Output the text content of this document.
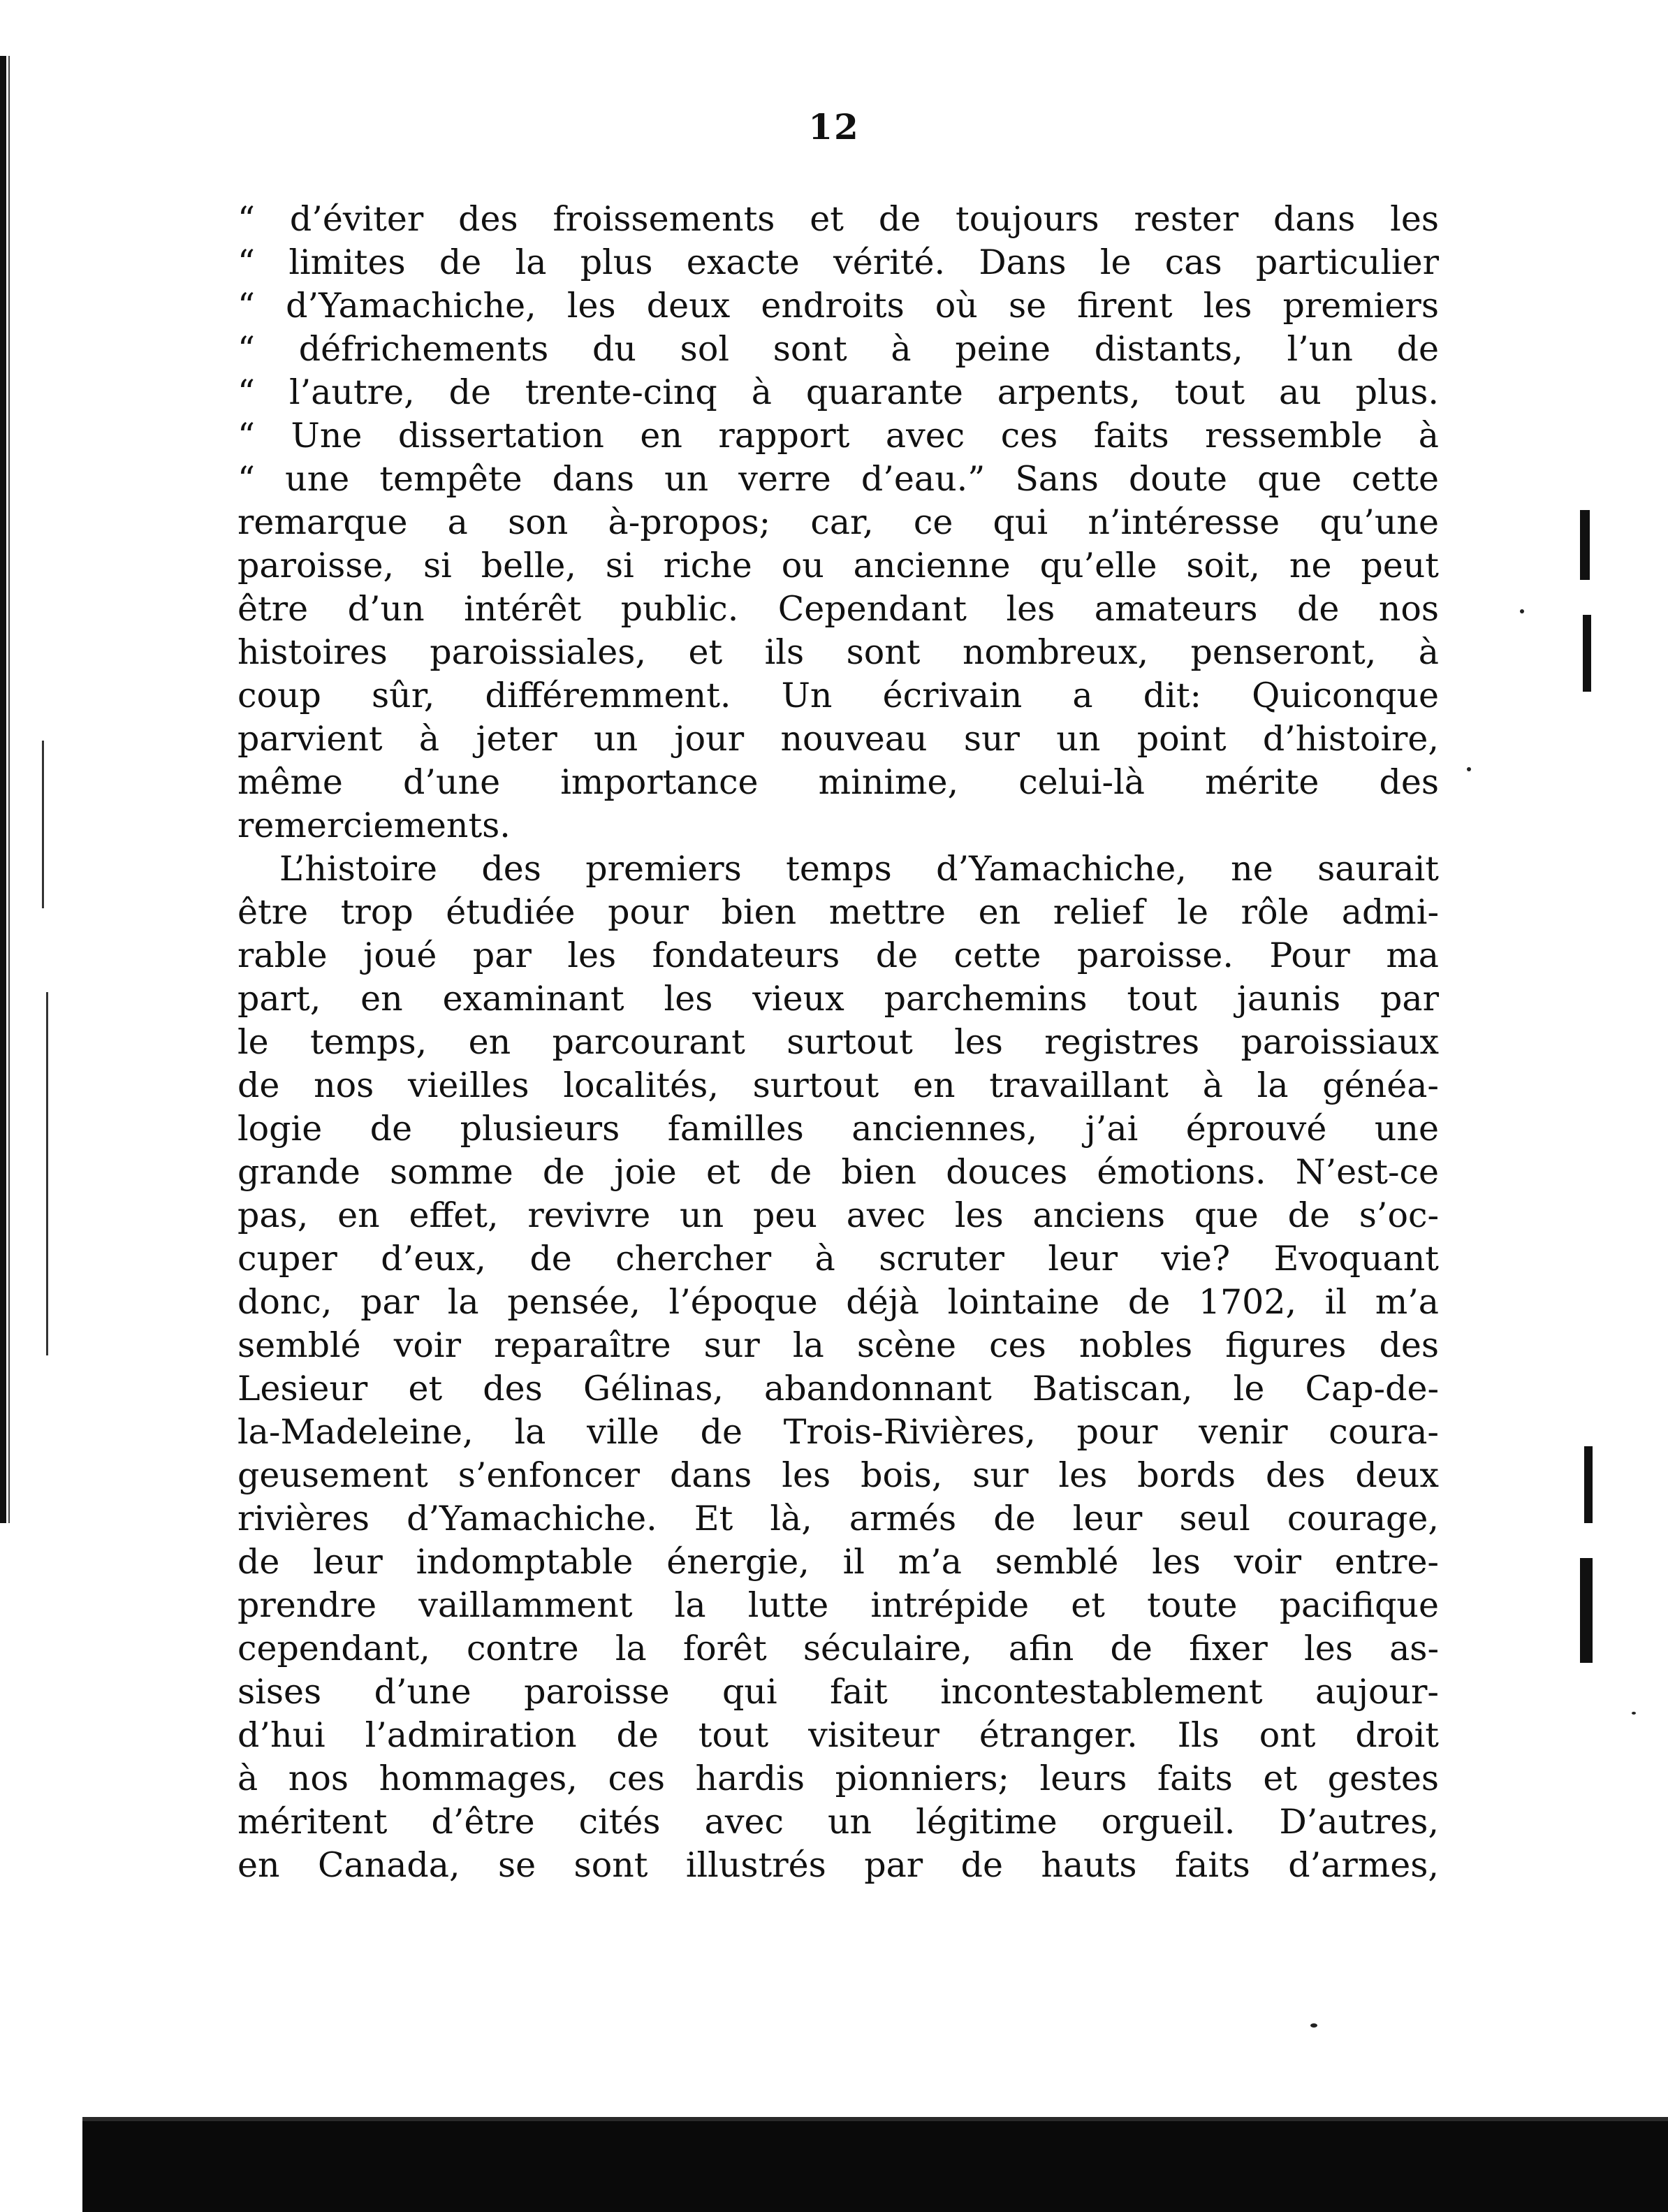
12
“ d’éviter des froissements et de toujours rester dans les
“ limites de la plus exacte vérité. Dans le cas particulier
“ d’Yamachiche, les deux endroits où se firent les premiers
“ défrichements du sol sont à peine distants, l’un de
“ l’autre, de trente-cinq à quarante arpents, tout au plus.
“ Une dissertation en rapport avec ces faits ressemble à
“ une tempête dans un verre d’eau.” Sans doute que cette
remarque a son à-propos; car, ce qui n’intéresse qu’une
paroisse, si belle, si riche ou ancienne qu’elle soit, ne peut
être d’un intérêt public. Cependant les amateurs de nos
histoires paroissiales, et ils sont nombreux, penseront, à
coup sûr, différemment. Un écrivain a dit: Quiconque
parvient à jeter un jour nouveau sur un point d’histoire,
même d’une importance minime, celui-là mérite des
remerciements.
L’histoire des premiers temps d’Yamachiche, ne saurait
être trop étudiée pour bien mettre en relief le rôle admi-
rable joué par les fondateurs de cette paroisse. Pour ma
part, en examinant les vieux parchemins tout jaunis par
le temps, en parcourant surtout les registres paroissiaux
de nos vieilles localités, surtout en travaillant à la généa-
logie de plusieurs familles anciennes, j’ai éprouvé une
grande somme de joie et de bien douces émotions. N’est-ce
pas, en effet, revivre un peu avec les anciens que de s’oc-
cuper d’eux, de chercher à scruter leur vie? Evoquant
donc, par la pensée, l’époque déjà lointaine de 1702, il m’a
semblé voir reparaître sur la scène ces nobles figures des
Lesieur et des Gélinas, abandonnant Batiscan, le Cap-de-
la-Madeleine, la ville de Trois-Rivières, pour venir coura-
geusement s’enfoncer dans les bois, sur les bords des deux
rivières d’Yamachiche. Et là, armés de leur seul courage,
de leur indomptable énergie, il m’a semblé les voir entre-
prendre vaillamment la lutte intrépide et toute pacifique
cependant, contre la forêt séculaire, afin de fixer les as-
sises d’une paroisse qui fait incontestablement aujour-
d’hui l’admiration de tout visiteur étranger. Ils ont droit
à nos hommages, ces hardis pionniers; leurs faits et gestes
méritent d’être cités avec un légitime orgueil. D’autres,
en Canada, se sont illustrés par de hauts faits d’armes,
